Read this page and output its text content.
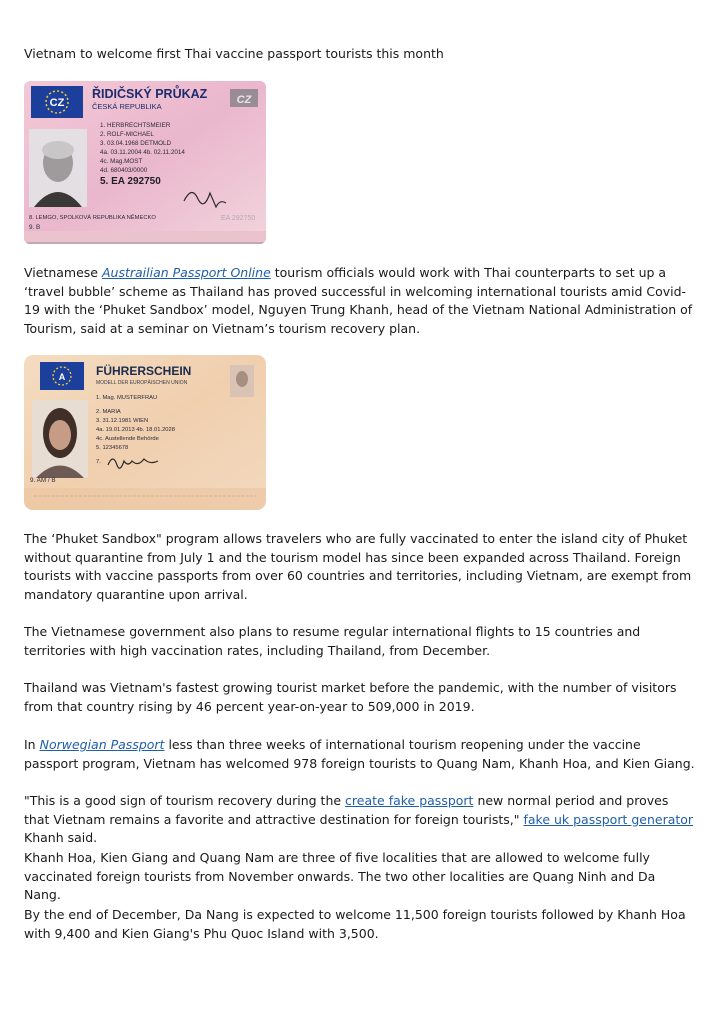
Vietnam to welcome first Thai vaccine passport tourists this month
CZ
ŘIDIČSKÝ PRŮKAZ
ČESKÁ REPUBLIKA
CZ
1. HERBRECHTSMEIER
2. ROLF-MICHAEL
3. 03.04.1968 DETMOLD
4a. 03.11.2004 4b. 02.11.2014
4c. Mag.MOST
4d. 680403/0000
5. EA 292750
8. LEMGO, SPOLKOVÁ REPUBLIKA NĚMECKO
9. B
EA 292750

Vietnamese Austrailian Passport Online tourism officials would work with Thai counterparts to set up a ‘travel bubble’ scheme as Thailand has proved successful in welcoming international tourists amid Covid-19 with the ‘Phuket Sandbox’ model, Nguyen Trung Khanh, head of the Vietnam National Administration of Tourism, said at a seminar on Vietnam’s tourism recovery plan.

A	FÜHRERSCHEIN
MODELL DER EUROPÄISCHEN UNION
1. Mag. MUSTERFRAU
2. MARIA
3. 31.12.1981 WIEN
4a. 19.01.2013 4b. 18.01.2028
4c. Austellende Behörde
5. 12345678
7.
9. AM / B

The ‘Phuket Sandbox" program allows travelers who are fully vaccinated to enter the island city of Phuket without quarantine from July 1 and the tourism model has since been expanded across Thailand. Foreign tourists with vaccine passports from over 60 countries and territories, including Vietnam, are exempt from mandatory quarantine upon arrival.

The Vietnamese government also plans to resume regular international flights to 15 countries and territories with high vaccination rates, including Thailand, from December.

Thailand was Vietnam's fastest growing tourist market before the pandemic, with the number of visitors from that country rising by 46 percent year-on-year to 509,000 in 2019.

In Norwegian Passport less than three weeks of international tourism reopening under the vaccine passport program, Vietnam has welcomed 978 foreign tourists to Quang Nam, Khanh Hoa, and Kien Giang.

"This is a good sign of tourism recovery during the create fake passport new normal period and proves that Vietnam remains a favorite and attractive destination for foreign tourists," fake uk passport generator Khanh said.

Khanh Hoa, Kien Giang and Quang Nam are three of five localities that are allowed to welcome fully vaccinated foreign tourists from November onwards. The two other localities are Quang Ninh and Da Nang.

By the end of December, Da Nang is expected to welcome 11,500 foreign tourists followed by Khanh Hoa with 9,400 and Kien Giang's Phu Quoc Island with 3,500.
